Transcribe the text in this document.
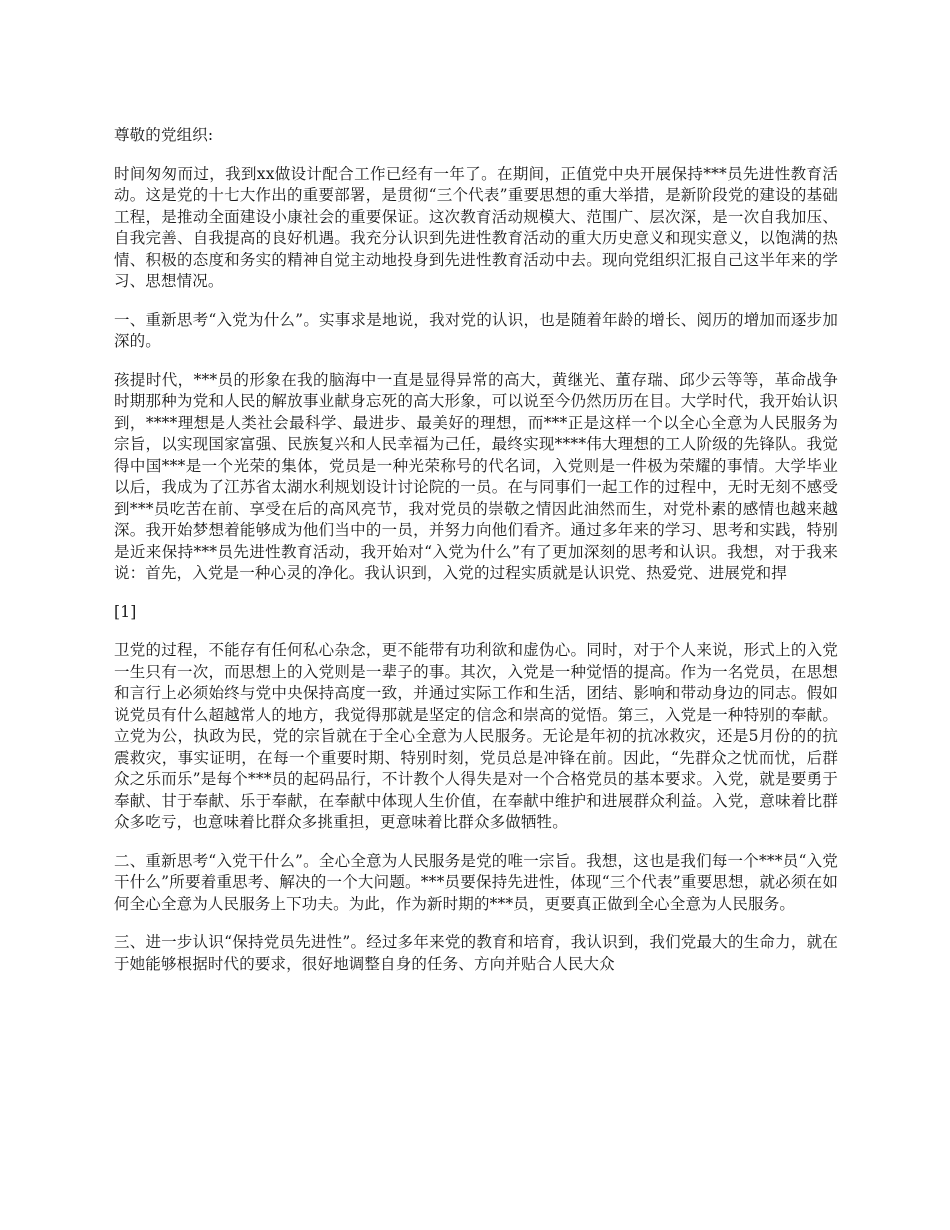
尊敬的党组织:

时间匆匆而过，我到xx做设计配合工作已经有一年了。在期间，正值党中央开展保持***员先进性教育活动。这是党的十七大作出的重要部署，是贯彻“三个代表”重要思想的重大举措，是新阶段党的建设的基础工程，是推动全面建设小康社会的重要保证。这次教育活动规模大、范围广、层次深，是一次自我加压、自我完善、自我提高的良好机遇。我充分认识到先进性教育活动的重大历史意义和现实意义，以饱满的热情、积极的态度和务实的精神自觉主动地投身到先进性教育活动中去。现向党组织汇报自己这半年来的学习、思想情况。

一、重新思考“入党为什么”。实事求是地说，我对党的认识，也是随着年龄的增长、阅历的增加而逐步加深的。

孩提时代，***员的形象在我的脑海中一直是显得异常的高大，黄继光、董存瑞、邱少云等等，革命战争时期那种为党和人民的解放事业献身忘死的高大形象，可以说至今仍然历历在目。大学时代，我开始认识到，****理想是人类社会最科学、最进步、最美好的理想，而***正是这样一个以全心全意为人民服务为宗旨，以实现国家富强、民族复兴和人民幸福为己任，最终实现****伟大理想的工人阶级的先锋队。我觉得中国***是一个光荣的集体，党员是一种光荣称号的代名词，入党则是一件极为荣耀的事情。大学毕业以后，我成为了江苏省太湖水利规划设计讨论院的一员。在与同事们一起工作的过程中，无时无刻不感受到***员吃苦在前、享受在后的高风亮节，我对党员的崇敬之情因此油然而生，对党朴素的感情也越来越深。我开始梦想着能够成为他们当中的一员，并努力向他们看齐。通过多年来的学习、思考和实践，特别是近来保持***员先进性教育活动，我开始对“入党为什么”有了更加深刻的思考和认识。我想，对于我来说：首先，入党是一种心灵的净化。我认识到，入党的过程实质就是认识党、热爱党、进展党和捍

[1]

卫党的过程，不能存有任何私心杂念，更不能带有功利欲和虚伪心。同时，对于个人来说，形式上的入党一生只有一次，而思想上的入党则是一辈子的事。其次，入党是一种觉悟的提高。作为一名党员，在思想和言行上必须始终与党中央保持高度一致，并通过实际工作和生活，团结、影响和带动身边的同志。假如说党员有什么超越常人的地方，我觉得那就是坚定的信念和崇高的觉悟。第三，入党是一种特别的奉献。立党为公，执政为民，党的宗旨就在于全心全意为人民服务。无论是年初的抗冰救灾，还是5月份的的抗震救灾，事实证明，在每一个重要时期、特别时刻，党员总是冲锋在前。因此，“先群众之忧而忧，后群众之乐而乐”是每个***员的起码品行，不计教个人得失是对一个合格党员的基本要求。入党，就是要勇于奉献、甘于奉献、乐于奉献，在奉献中体现人生价值，在奉献中维护和进展群众利益。入党，意味着比群众多吃亏，也意味着比群众多挑重担，更意味着比群众多做牺牲。

二、重新思考“入党干什么”。全心全意为人民服务是党的唯一宗旨。我想，这也是我们每一个***员“入党干什么”所要着重思考、解决的一个大问题。***员要保持先进性，体现“三个代表”重要思想，就必须在如何全心全意为人民服务上下功夫。为此，作为新时期的***员，更要真正做到全心全意为人民服务。

三、进一步认识“保持党员先进性”。经过多年来党的教育和培育，我认识到，我们党最大的生命力，就在于她能够根据时代的要求，很好地调整自身的任务、方向并贴合人民大众
